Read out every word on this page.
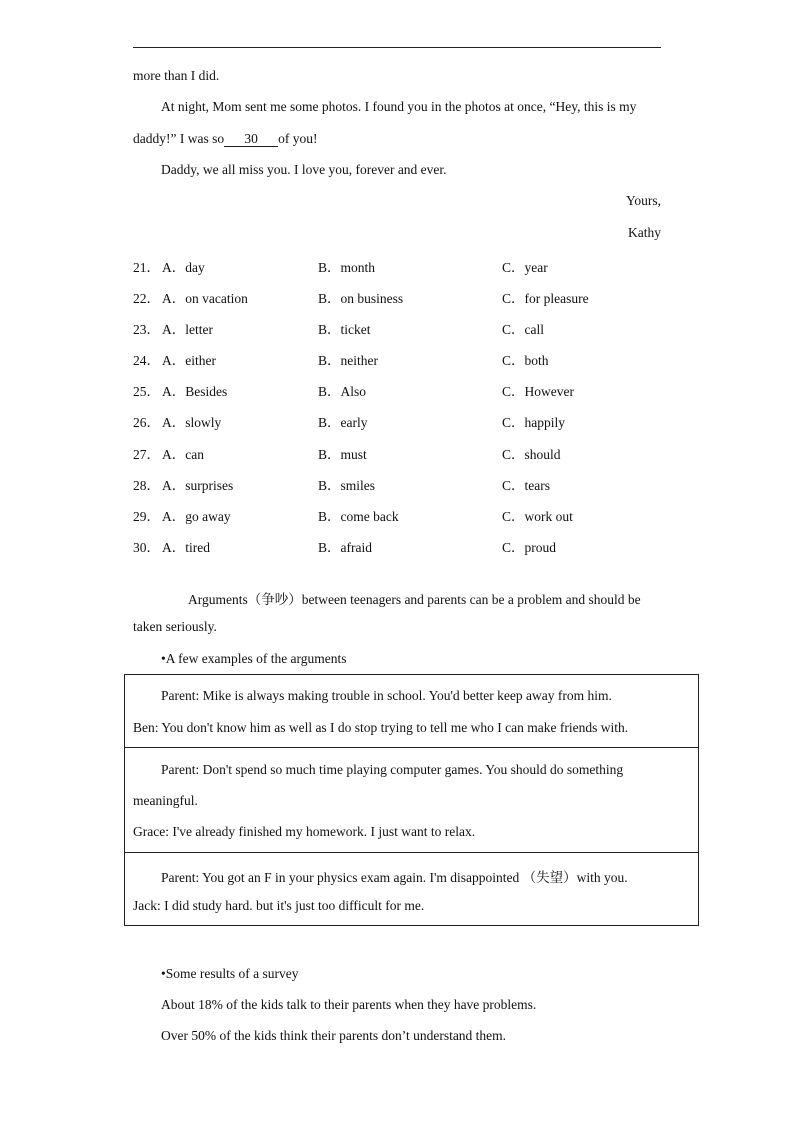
more than I did.
At night, Mom sent me some photos. I found you in the photos at once, “Hey, this is my
daddy!” I was so 30 of you!
Daddy, we all miss you. I love you, forever and ever.
Yours,
Kathy
21． A．day	B．month	C．year
22． A．on vacation	B．on business	C．for pleasure
23． A．letter	B．ticket	C．call
24． A．either	B．neither	C．both
25． A．Besides	B．Also	C．However
26． A．slowly	B．early	C．happily
27． A．can	B．must	C．should
28． A．surprises	B．smiles	C．tears
29． A．go away	B．come back	C．work out
30． A．tired	B．afraid	C．proud
Arguments（争吵）between teenagers and parents can be a problem and should be
taken seriously.
•A few examples of the arguments
Parent: Mike is always making trouble in school. You'd better keep away from him.
Ben: You don't know him as well as I do stop trying to tell me who I can make friends with.
Parent: Don't spend so much time playing computer games. You should do something
meaningful.
Grace: I've already finished my homework. I just want to relax.
Parent: You got an F in your physics exam again. I'm disappointed （失望）with you.
Jack: I did study hard. but it's just too difficult for me.
•Some results of a survey
About 18% of the kids talk to their parents when they have problems.
Over 50% of the kids think their parents don’t understand them.
